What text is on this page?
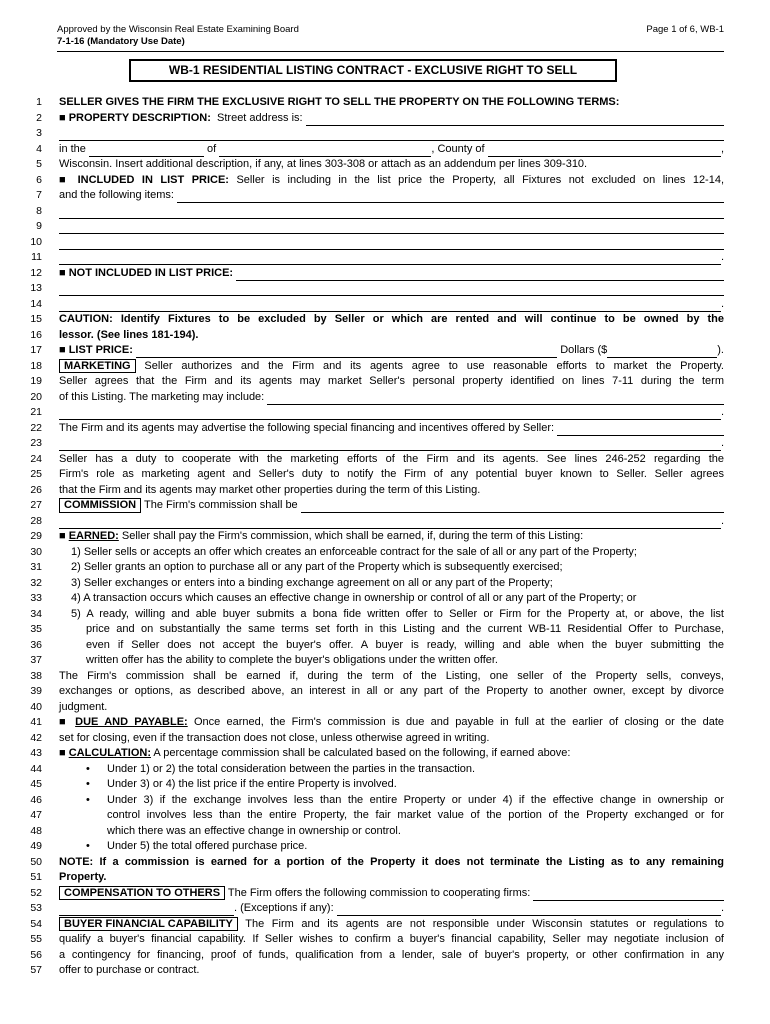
Approved by the Wisconsin Real Estate Examining Board
7-1-16 (Mandatory Use Date)
Page 1 of 6, WB-1
WB-1 RESIDENTIAL LISTING CONTRACT - EXCLUSIVE RIGHT TO SELL
1 SELLER GIVES THE FIRM THE EXCLUSIVE RIGHT TO SELL THE PROPERTY ON THE FOLLOWING TERMS:
2 ■ PROPERTY DESCRIPTION: Street address is:

3

4 in the
	of
	, County of
	,
5 Wisconsin. Insert additional description, if any, at lines 303-308 or attach as an addendum per lines 309-310.
6 ■ INCLUDED IN LIST PRICE: Seller is including in the list price the Property, all Fixtures not excluded on lines 12-14,
7 and the following items:

8

9

10

11
	.
12 ■ NOT INCLUDED IN LIST PRICE:

13

14
	.
15 CAUTION: Identify Fixtures to be excluded by Seller or which are rented and will continue to be owned by the
16 lessor. (See lines 181-194).
17 ■ LIST PRICE:
	Dollars ($
	).
18	MARKETING Seller authorizes and the Firm and its agents agree to use reasonable efforts to market the Property.
19 Seller agrees that the Firm and its agents may market Seller's personal property identified on lines 7-11 during the term
20 of this Listing. The marketing may include:

21
	.
22 The Firm and its agents may advertise the following special financing and incentives offered by Seller:

23
	.
24 Seller has a duty to cooperate with the marketing efforts of the Firm and its agents. See lines 246-252 regarding the
25 Firm's role as marketing agent and Seller's duty to notify the Firm of any potential buyer known to Seller. Seller agrees
26 that the Firm and its agents may market other properties during the term of this Listing.
27	COMMISSION The Firm's commission shall be

28
	.
29 ■ EARNED: Seller shall pay the Firm's commission, which shall be earned, if, during the term of this Listing:
30	1) Seller sells or accepts an offer which creates an enforceable contract for the sale of all or any part of the Property;
31	2) Seller grants an option to purchase all or any part of the Property which is subsequently exercised;
32	3) Seller exchanges or enters into a binding exchange agreement on all or any part of the Property;
33	4) A transaction occurs which causes an effective change in ownership or control of all or any part of the Property; or
34	5) A ready, willing and able buyer submits a bona fide written offer to Seller or Firm for the Property at, or above, the list
35	price and on substantially the same terms set forth in this Listing and the current WB-11 Residential Offer to Purchase,
36	even if Seller does not accept the buyer's offer. A buyer is ready, willing and able when the buyer submitting the
37	written offer has the ability to complete the buyer's obligations under the written offer.
38 The Firm's commission shall be earned if, during the term of the Listing, one seller of the Property sells, conveys,
39 exchanges or options, as described above, an interest in all or any part of the Property to another owner, except by divorce
40 judgment.
41 ■ DUE AND PAYABLE: Once earned, the Firm's commission is due and payable in full at the earlier of closing or the date
42 set for closing, even if the transaction does not close, unless otherwise agreed in writing.
43 ■ CALCULATION: A percentage commission shall be calculated based on the following, if earned above:
44	• Under 1) or 2) the total consideration between the parties in the transaction.
45	• Under 3) or 4) the list price if the entire Property is involved.
46	• Under 3) if the exchange involves less than the entire Property or under 4) if the effective change in ownership or
47	control involves less than the entire Property, the fair market value of the portion of the Property exchanged or for
48	which there was an effective change in ownership or control.
49	• Under 5) the total offered purchase price.
50 NOTE: If a commission is earned for a portion of the Property it does not terminate the Listing as to any remaining
51 Property.
52	COMPENSATION TO OTHERS The Firm offers the following commission to cooperating firms:

53
	. (Exceptions if any):
	.
54	BUYER FINANCIAL CAPABILITY The Firm and its agents are not responsible under Wisconsin statutes or regulations to
55 qualify a buyer's financial capability. If Seller wishes to confirm a buyer's financial capability, Seller may negotiate inclusion of
56 a contingency for financing, proof of funds, qualification from a lender, sale of buyer's property, or other confirmation in any
57 offer to purchase or contract.
